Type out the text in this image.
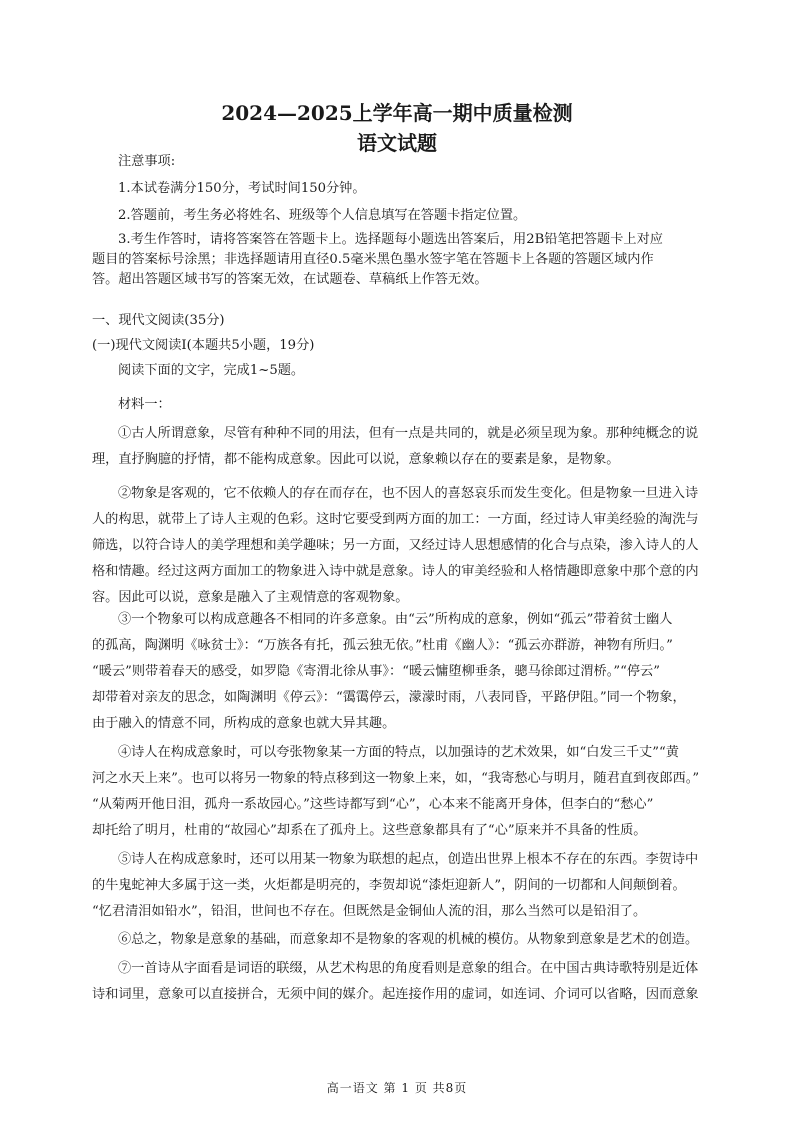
2024—2025上学年高一期中质量检测
语文试题
注意事项:
1.本试卷满分150分，考试时间150分钟。
2.答题前，考生务必将姓名、班级等个人信息填写在答题卡指定位置。
3.考生作答时，请将答案答在答题卡上。选择题每小题选出答案后，用2B铅笔把答题卡上对应
题目的答案标号涂黑；非选择题请用直径0.5毫米黑色墨水签字笔在答题卡上各题的答题区域内作
答。超出答题区域书写的答案无效，在试题卷、草稿纸上作答无效。
一、现代文阅读(35分)
(一)现代文阅读Ⅰ(本题共5小题，19分)
阅读下面的文字，完成1~5题。
材料一：
①古人所谓意象，尽管有种种不同的用法，但有一点是共同的，就是必须呈现为象。那种纯概念的说
理，直抒胸臆的抒情，都不能构成意象。因此可以说，意象赖以存在的要素是象，是物象。
②物象是客观的，它不依赖人的存在而存在，也不因人的喜怒哀乐而发生变化。但是物象一旦进入诗
人的构思，就带上了诗人主观的色彩。这时它要受到两方面的加工：一方面，经过诗人审美经验的淘洗与
筛选，以符合诗人的美学理想和美学趣味；另一方面，又经过诗人思想感情的化合与点染，渗入诗人的人
格和情趣。经过这两方面加工的物象进入诗中就是意象。诗人的审美经验和人格情趣即意象中那个意的内
容。因此可以说，意象是融入了主观情意的客观物象。
③一个物象可以构成意趣各不相同的许多意象。由“云”所构成的意象，例如“孤云”带着贫士幽人
的孤高，陶渊明《咏贫士》：“万族各有托，孤云独无依。”杜甫《幽人》：“孤云亦群游，神物有所归。”
“暖云”则带着春天的感受，如罗隐《寄渭北徐从事》：“暖云慵堕柳垂条，骢马徐郎过渭桥。”“停云”
却带着对亲友的思念，如陶渊明《停云》：“霭霭停云，濛濛时雨，八表同昏，平路伊阻。”同一个物象，
由于融入的情意不同，所构成的意象也就大异其趣。
④诗人在构成意象时，可以夸张物象某一方面的特点，以加强诗的艺术效果，如“白发三千丈”“黄
河之水天上来”。也可以将另一物象的特点移到这一物象上来，如，“我寄愁心与明月，随君直到夜郎西。”
“从菊两开他日泪，孤舟一系故园心。”这些诗都写到“心”，心本来不能离开身体，但李白的“愁心”
却托给了明月，杜甫的“故园心”却系在了孤舟上。这些意象都具有了“心”原来并不具备的性质。
⑤诗人在构成意象时，还可以用某一物象为联想的起点，创造出世界上根本不存在的东西。李贺诗中
的牛鬼蛇神大多属于这一类，火炬都是明亮的，李贺却说“漆炬迎新人”，阴间的一切都和人间颠倒着。
“忆君清泪如铅水”，铅泪，世间也不存在。但既然是金铜仙人流的泪，那么当然可以是铅泪了。
⑥总之，物象是意象的基础，而意象却不是物象的客观的机械的模仿。从物象到意象是艺术的创造。
⑦一首诗从字面看是词语的联缀，从艺术构思的角度看则是意象的组合。在中国古典诗歌特别是近体
诗和词里，意象可以直接拼合，无须中间的媒介。起连接作用的虚词，如连词、介词可以省略，因而意象
高一语文 第 1 页 共8页
